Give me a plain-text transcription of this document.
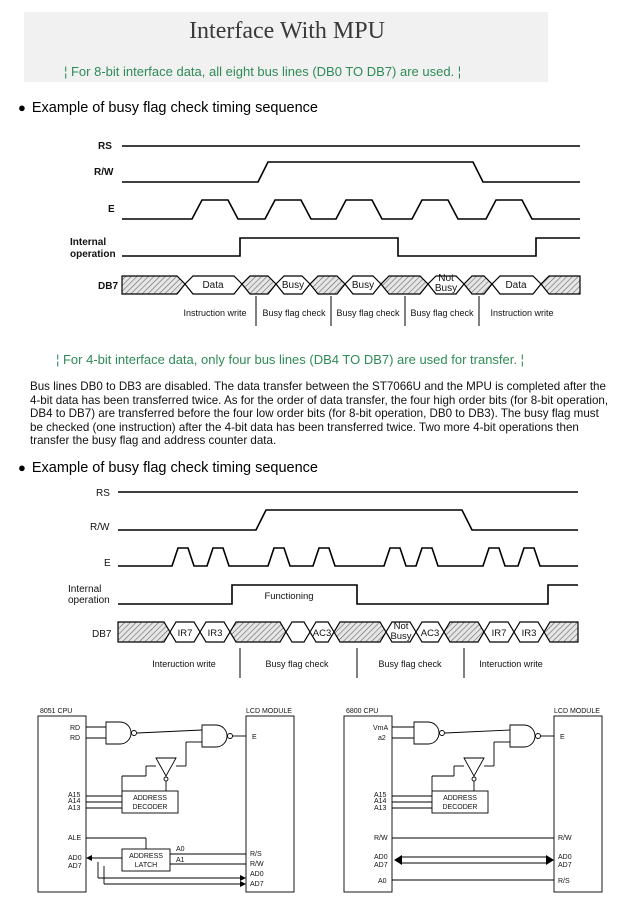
Interface With MPU
¦ For 8-bit interface data, all eight bus lines (DB0 TO DB7) are used. ¦
● Example of busy flag check timing sequence
RS
R/W
E
Internal
operation
DB7	Data	Busy	Busy
Not
Busy	Data
Instruction write Busy flag check Busy flag check Busy flag check Instruction write
¦ For 4-bit interface data, only four bus lines (DB4 TO DB7) are used for transfer. ¦
Bus lines DB0 to DB3 are disabled. The data transfer between the ST7066U and the MPU is completed after the 4-bit data has been transferred twice. As for the order of data transfer, the four high order bits (for 8-bit operation, DB4 to DB7) are transferred before the four low order bits (for 8-bit operation, DB0 to DB3). The busy flag must be checked (one instruction) after the 4-bit data has been transferred twice. Two more 4-bit operations then transfer the busy flag and address counter data.
● Example of busy flag check timing sequence
RS
R/W
E
Internal
operation
DB7
Functioning
IR7 IR3	AC3
Not
Busy AC3	IR7 IR3
Interuction write	Busy flag check	Busy flag check	Interuction write
8051 CPU	LCD MODULE
RD
RD	E
A15
A14
A13
ADDRESS
DECODER
ALE
AD0
AD7
ADDRESS
LATCH
A0
A1
R/S
R/W
AD0
AD7
6800 CPU	LCD MODULE
VmA
a2	E
A15
A14
A13
ADDRESS
DECODER
R/W
AD0
AD7
A0
R/W
AD0
AD7
R/S
